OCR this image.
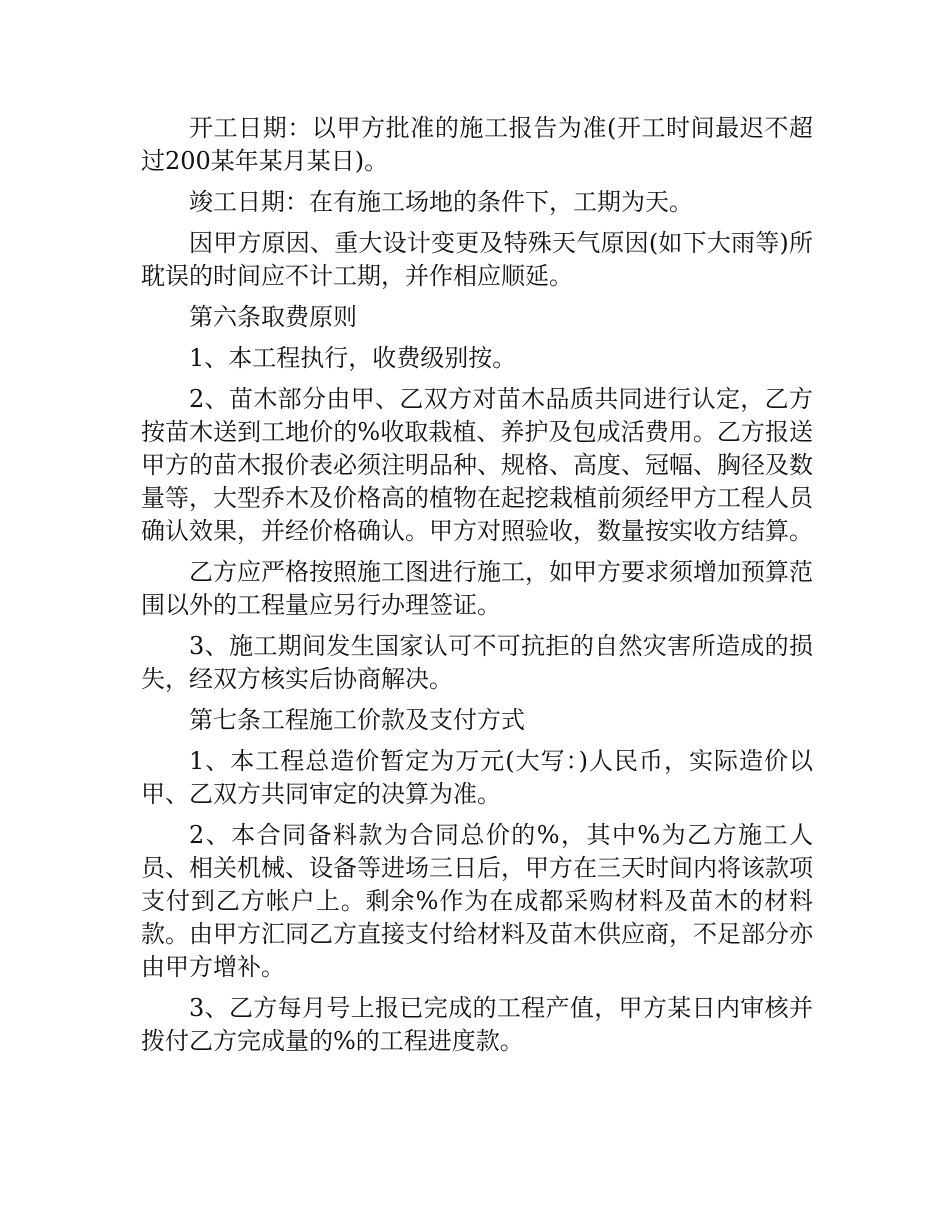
开工日期：以甲方批准的施工报告为准(开工时间最迟不超过200某年某月某日)。

竣工日期：在有施工场地的条件下，工期为天。

因甲方原因、重大设计变更及特殊天气原因(如下大雨等)所耽误的时间应不计工期，并作相应顺延。

第六条取费原则

1、本工程执行，收费级别按。

2、苗木部分由甲、乙双方对苗木品质共同进行认定，乙方按苗木送到工地价的%收取栽植、养护及包成活费用。乙方报送甲方的苗木报价表必须注明品种、规格、高度、冠幅、胸径及数量等，大型乔木及价格高的植物在起挖栽植前须经甲方工程人员确认效果，并经价格确认。甲方对照验收，数量按实收方结算。

乙方应严格按照施工图进行施工，如甲方要求须增加预算范围以外的工程量应另行办理签证。

3、施工期间发生国家认可不可抗拒的自然灾害所造成的损失，经双方核实后协商解决。

第七条工程施工价款及支付方式

1、本工程总造价暂定为万元(大写：)人民币，实际造价以甲、乙双方共同审定的决算为准。

2、本合同备料款为合同总价的%，其中%为乙方施工人员、相关机械、设备等进场三日后，甲方在三天时间内将该款项支付到乙方帐户上。剩余%作为在成都采购材料及苗木的材料款。由甲方汇同乙方直接支付给材料及苗木供应商，不足部分亦由甲方增补。

3、乙方每月号上报已完成的工程产值，甲方某日内审核并拨付乙方完成量的%的工程进度款。
